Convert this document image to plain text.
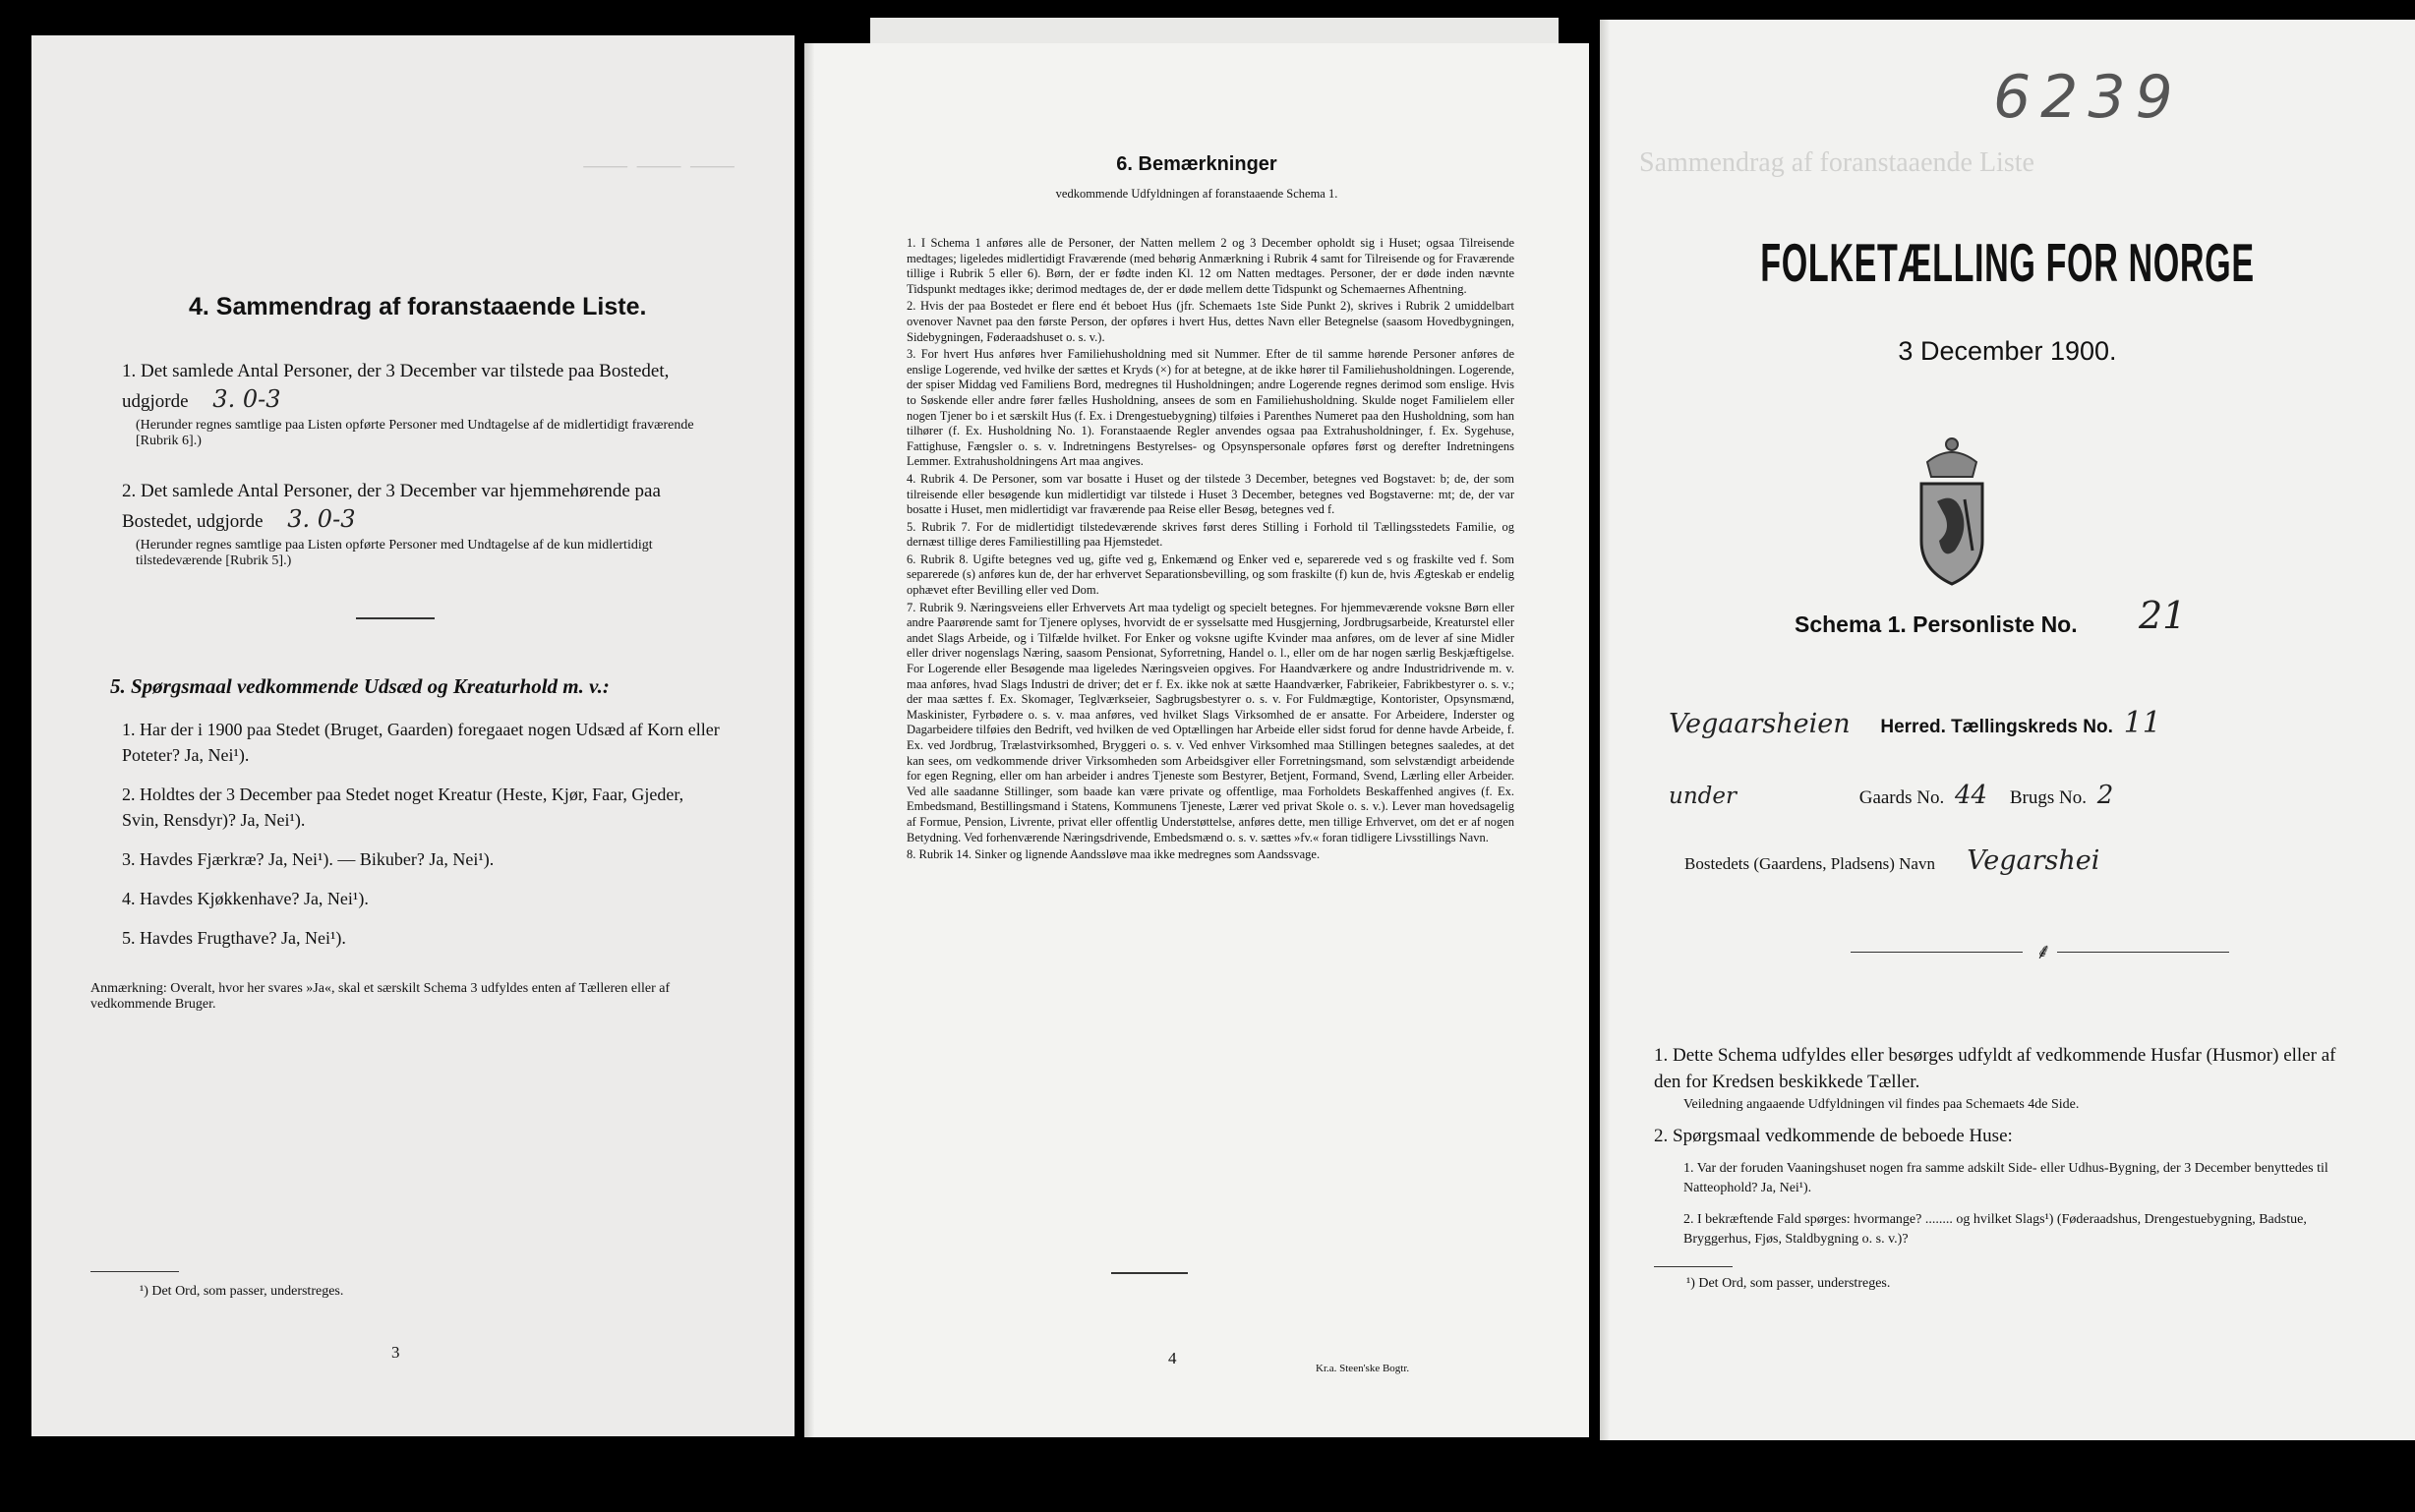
⸺ ⸺ ⸺
4. Sammendrag af foranstaaende Liste.

1. Det samlede Antal Personer, der 3 December var tilstede paa Bostedet,

udgjorde 3. 0-3

(Herunder regnes samtlige paa Listen opførte Personer med Undtagelse af de midlertidigt fraværende [Rubrik 6].)

2. Det samlede Antal Personer, der 3 December var hjemmehørende paa

Bostedet, udgjorde 3. 0-3

(Herunder regnes samtlige paa Listen opførte Personer med Undtagelse af de kun midlertidigt tilstedeværende [Rubrik 5].)

5. Spørgsmaal vedkommende Udsæd og Kreaturhold m. v.:

1. Har der i 1900 paa Stedet (Bruget, Gaarden) foregaaet nogen Udsæd af Korn eller Poteter? Ja, Nei¹).

2. Holdtes der 3 December paa Stedet noget Kreatur (Heste, Kjør, Faar, Gjeder, Svin, Rensdyr)? Ja, Nei¹).

3. Havdes Fjærkræ? Ja, Nei¹). — Bikuber? Ja, Nei¹).

4. Havdes Kjøkkenhave? Ja, Nei¹).

5. Havdes Frugthave? Ja, Nei¹).

Anmærkning: Overalt, hvor her svares »Ja«, skal et særskilt Schema 3 udfyldes enten af Tælleren eller af vedkommende Bruger.
¹) Det Ord, som passer, understreges.
3
6. Bemærkninger
vedkommende Udfyldningen af foranstaaende Schema 1.
1. I Schema 1 anføres alle de Personer, der Natten mellem 2 og 3 December opholdt sig i Huset; ogsaa Tilreisende medtages; ligeledes midlertidigt Fraværende (med behørig Anmærkning i Rubrik 4 samt for Tilreisende og for Fraværende tillige i Rubrik 5 eller 6). Børn, der er fødte inden Kl. 12 om Natten medtages. Personer, der er døde inden nævnte Tidspunkt medtages ikke; derimod medtages de, der er døde mellem dette Tidspunkt og Schemaernes Afhentning.
2. Hvis der paa Bostedet er flere end ét beboet Hus (jfr. Schemaets 1ste Side Punkt 2), skrives i Rubrik 2 umiddelbart ovenover Navnet paa den første Person, der opføres i hvert Hus, dettes Navn eller Betegnelse (saasom Hovedbygningen, Sidebygningen, Føderaadshuset o. s. v.).
3. For hvert Hus anføres hver Familiehusholdning med sit Nummer. Efter de til samme hørende Personer anføres de enslige Logerende, ved hvilke der sættes et Kryds (×) for at betegne, at de ikke hører til Familiehusholdningen. Logerende, der spiser Middag ved Familiens Bord, medregnes til Husholdningen; andre Logerende regnes derimod som enslige. Hvis to Søskende eller andre fører fælles Husholdning, ansees de som en Familiehusholdning. Skulde noget Familielem eller nogen Tjener bo i et særskilt Hus (f. Ex. i Drengestuebygning) tilføies i Parenthes Numeret paa den Husholdning, som han tilhører (f. Ex. Husholdning No. 1). Foranstaaende Regler anvendes ogsaa paa Extrahusholdninger, f. Ex. Sygehuse, Fattighuse, Fængsler o. s. v. Indretningens Bestyrelses- og Opsynspersonale opføres først og derefter Indretningens Lemmer. Extrahusholdningens Art maa angives.
4. Rubrik 4. De Personer, som var bosatte i Huset og der tilstede 3 December, betegnes ved Bogstavet: b; de, der som tilreisende eller besøgende kun midlertidigt var tilstede i Huset 3 December, betegnes ved Bogstaverne: mt; de, der var bosatte i Huset, men midlertidigt var fraværende paa Reise eller Besøg, betegnes ved f.
5. Rubrik 7. For de midlertidigt tilstedeværende skrives først deres Stilling i Forhold til Tællingsstedets Familie, og dernæst tillige deres Familiestilling paa Hjemstedet.
6. Rubrik 8. Ugifte betegnes ved ug, gifte ved g, Enkemænd og Enker ved e, separerede ved s og fraskilte ved f. Som separerede (s) anføres kun de, der har erhvervet Separationsbevilling, og som fraskilte (f) kun de, hvis Ægteskab er endelig ophævet efter Bevilling eller ved Dom.
7. Rubrik 9. Næringsveiens eller Erhvervets Art maa tydeligt og specielt betegnes. For hjemmeværende voksne Børn eller andre Paarørende samt for Tjenere oplyses, hvorvidt de er sysselsatte med Husgjerning, Jordbrugsarbeide, Kreaturstel eller andet Slags Arbeide, og i Tilfælde hvilket. For Enker og voksne ugifte Kvinder maa anføres, om de lever af sine Midler eller driver nogenslags Næring, saasom Pensionat, Syforretning, Handel o. l., eller om de har nogen særlig Beskjæftigelse. For Logerende eller Besøgende maa ligeledes Næringsveien opgives. For Haandværkere og andre Industridrivende m. v. maa anføres, hvad Slags Industri de driver; det er f. Ex. ikke nok at sætte Haandværker, Fabrikeier, Fabrikbestyrer o. s. v.; der maa sættes f. Ex. Skomager, Teglværkseier, Sagbrugsbestyrer o. s. v. For Fuldmægtige, Kontorister, Opsynsmænd, Maskinister, Fyrbødere o. s. v. maa anføres, ved hvilket Slags Virksomhed de er ansatte. For Arbeidere, Inderster og Dagarbeidere tilføies den Bedrift, ved hvilken de ved Optællingen har Arbeide eller sidst forud for denne havde Arbeide, f. Ex. ved Jordbrug, Trælastvirksomhed, Bryggeri o. s. v. Ved enhver Virksomhed maa Stillingen betegnes saaledes, at det kan sees, om vedkommende driver Virksomheden som Arbeidsgiver eller Forretningsmand, som selvstændigt arbeidende for egen Regning, eller om han arbeider i andres Tjeneste som Bestyrer, Betjent, Formand, Svend, Lærling eller Arbeider. Ved alle saadanne Stillinger, som baade kan være private og offentlige, maa Forholdets Beskaffenhed angives (f. Ex. Embedsmand, Bestillingsmand i Statens, Kommunens Tjeneste, Lærer ved privat Skole o. s. v.). Lever man hovedsagelig af Formue, Pension, Livrente, privat eller offentlig Understøttelse, anføres dette, men tillige Erhvervet, om det er af nogen Betydning. Ved forhenværende Næringsdrivende, Embedsmænd o. s. v. sættes »fv.« foran tidligere Livsstillings Navn.
8. Rubrik 14. Sinker og lignende Aandssløve maa ikke medregnes som Aandssvage.
4
Kr.a. Steen'ske Bogtr.
Sammendrag af foranstaaende Liste
6239
FOLKETÆLLING FOR NORGE
3 December 1900.
Schema 1. Personliste No. 21
Vegaarsheien Herred. Tællingskreds No. 11
under	Gaards No. 44 Brugs No. 2
Bostedets (Gaardens, Pladsens) Navn Vegarshei
⸙

1. Dette Schema udfyldes eller besørges udfyldt af vedkommende Husfar (Husmor) eller af den for Kredsen beskikkede Tæller.

Veiledning angaaende Udfyldningen vil findes paa Schemaets 4de Side.

2. Spørgsmaal vedkommende de beboede Huse:

1. Var der foruden Vaaningshuset nogen fra samme adskilt Side- eller Udhus-Bygning, der 3 December benyttedes til Natteophold? Ja, Nei¹).

2. I bekræftende Fald spørges: hvormange? ........ og hvilket Slags¹) (Føderaadshus, Drengestuebygning, Badstue, Bryggerhus, Fjøs, Staldbygning o. s. v.)?

¹) Det Ord, som passer, understreges.
